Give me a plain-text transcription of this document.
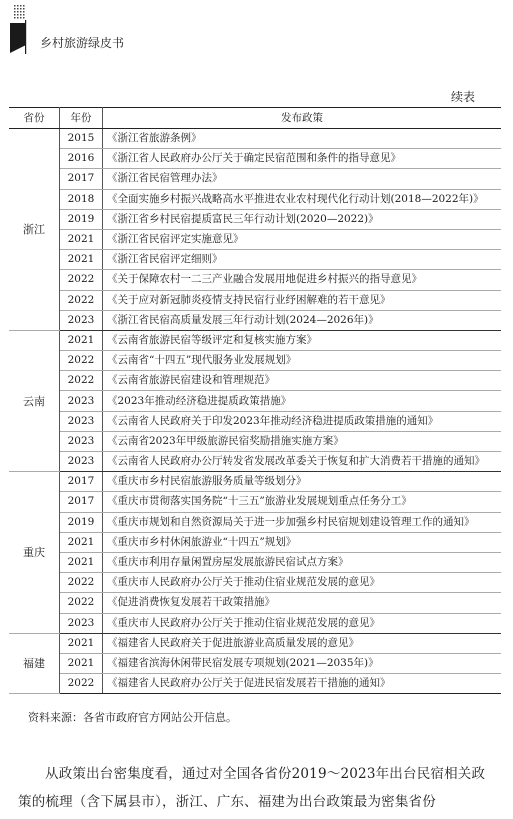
乡村旅游绿皮书
续表
省份	年份	发布政策
浙江	2015	《浙江省旅游条例》
	2016	《浙江省人民政府办公厅关于确定民宿范围和条件的指导意见》
	2017	《浙江省民宿管理办法》
	2018	《全面实施乡村振兴战略高水平推进农业农村现代化行动计划(2018—2022年)》
	2019	《浙江省乡村民宿提质富民三年行动计划(2020—2022)》
	2021	《浙江省民宿评定实施意见》
	2021	《浙江省民宿评定细则》
	2022	《关于保障农村一二三产业融合发展用地促进乡村振兴的指导意见》
	2022	《关于应对新冠肺炎疫情支持民宿行业纾困解难的若干意见》
	2023	《浙江省民宿高质量发展三年行动计划(2024—2026年)》
云南	2021	《云南省旅游民宿等级评定和复核实施方案》
	2022	《云南省“十四五”现代服务业发展规划》
	2022	《云南省旅游民宿建设和管理规范》
	2023	《2023年推动经济稳进提质政策措施》
	2023	《云南省人民政府关于印发2023年推动经济稳进提质政策措施的通知》
	2023	《云南省2023年甲级旅游民宿奖励措施实施方案》
	2023	《云南省人民政府办公厅转发省发展改革委关于恢复和扩大消费若干措施的通知》
重庆	2017	《重庆市乡村民宿旅游服务质量等级划分》
	2017	《重庆市贯彻落实国务院“十三五”旅游业发展规划重点任务分工》
	2019	《重庆市规划和自然资源局关于进一步加强乡村民宿规划建设管理工作的通知》
	2021	《重庆市乡村休闲旅游业“十四五”规划》
	2021	《重庆市利用存量闲置房屋发展旅游民宿试点方案》
	2022	《重庆市人民政府办公厅关于推动住宿业规范发展的意见》
	2022	《促进消费恢复发展若干政策措施》
	2023	《重庆市人民政府办公厅关于推动住宿业规范发展的意见》
福建	2021	《福建省人民政府关于促进旅游业高质量发展的意见》
	2021	《福建省滨海休闲带民宿发展专项规划(2021—2035年)》
	2022	《福建省人民政府办公厅关于促进民宿发展若干措施的通知》
资料来源：各省市政府官方网站公开信息。
从政策出台密集度看，通过对全国各省份2019～2023年出台民宿相关政策的梳理（含下属县市），浙江、广东、福建为出台政策最为密集省份
